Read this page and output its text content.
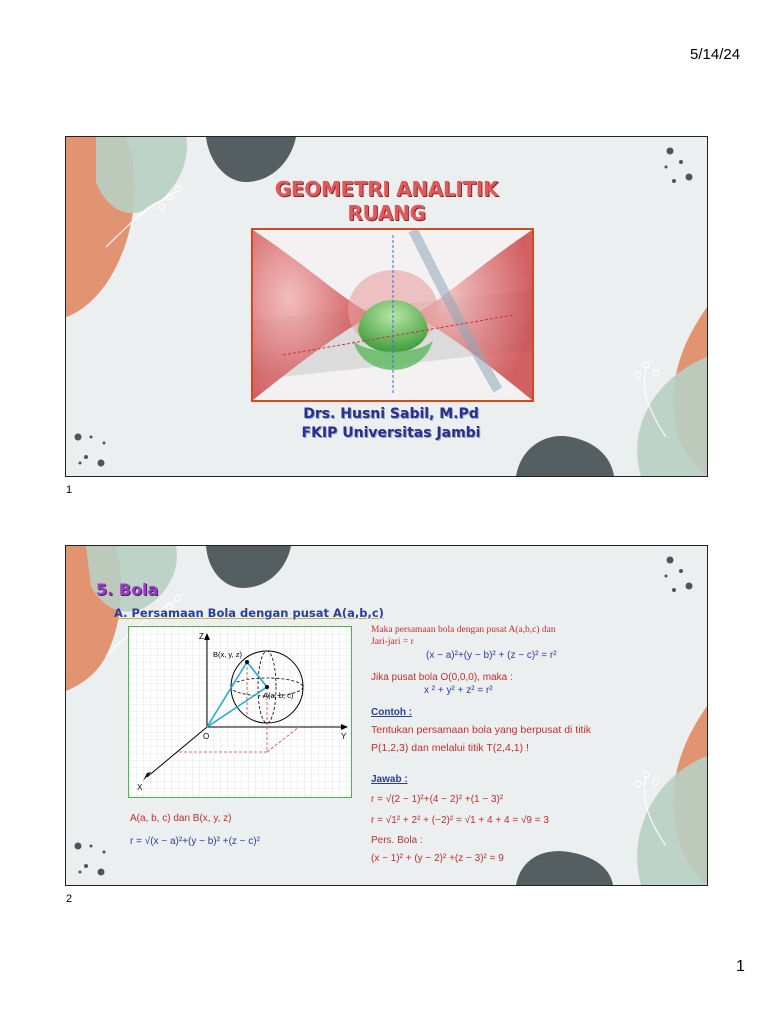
5/14/24
GEOMETRI ANALITIK
RUANG
Drs. Husni Sabil, M.Pd
FKIP Universitas Jambi
1
5. Bola
A. Persamaan Bola dengan pusat A(a,b,c)
Z
Y
X
O
B(x, y, z)
A(a, b, c)
A(a, b, c) dan B(x, y, z)
r = √(x − a)²+(y − b)² +(z − c)²
Maka persamaan bola dengan pusat A(a,b,c) dan
Jari-jari = r
(x − a)²+(y − b)² + (z − c)² = r²
Jika pusat bola O(0,0,0), maka :
x ² + y² + z² = r²
Contoh :
Tentukan persamaan bola yang berpusat di titik
P(1,2,3) dan melalui titik T(2,4,1) !
Jawab :
r = √(2 − 1)²+(4 − 2)² +(1 − 3)²
r = √1² + 2² + (−2)² = √1 + 4 + 4 = √9 = 3
Pers. Bola :
(x − 1)² + (y − 2)² +(z − 3)² = 9
2
1
